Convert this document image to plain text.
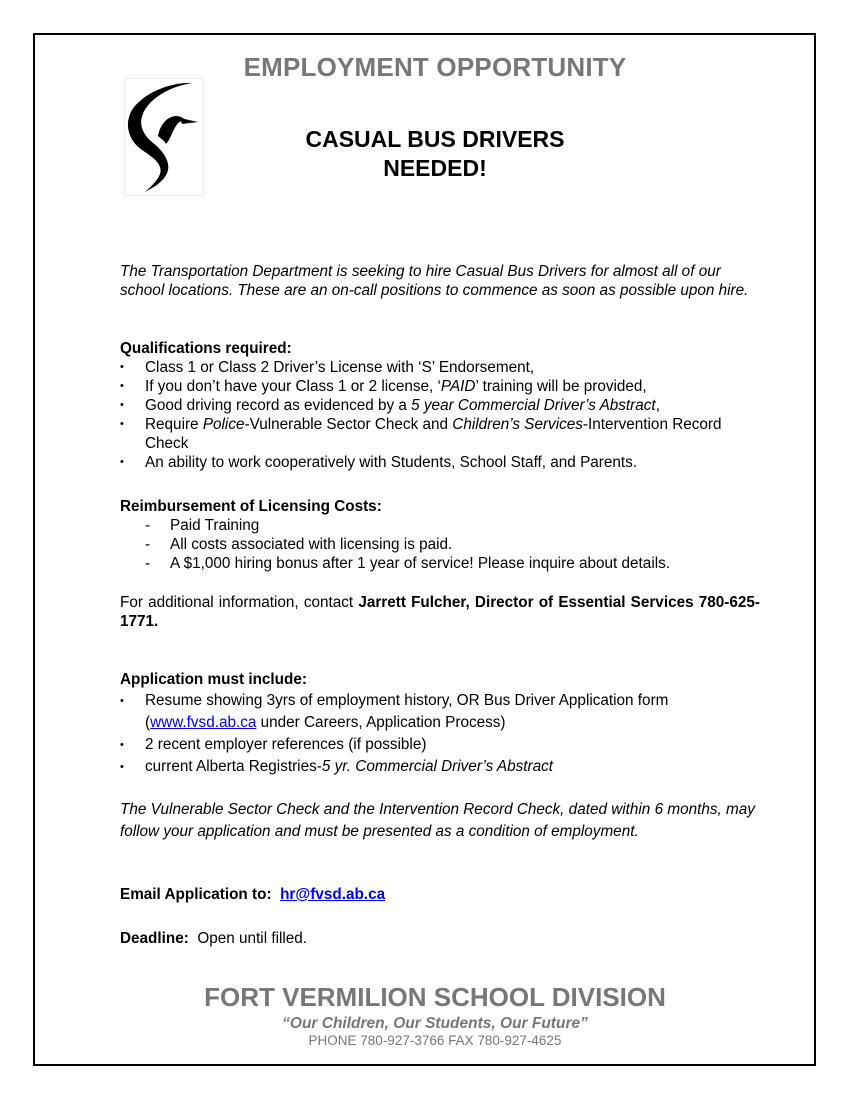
EMPLOYMENT OPPORTUNITY
CASUAL BUS DRIVERS
NEEDED!
The Transportation Department is seeking to hire Casual Bus Drivers for almost all of our school locations. These are an on-call positions to commence as soon as possible upon hire.
Qualifications required:
• Class 1 or Class 2 Driver’s License with ‘S’ Endorsement,
• If you don’t have your Class 1 or 2 license, ‘PAID’ training will be provided,
• Good driving record as evidenced by a 5 year Commercial Driver’s Abstract,
• Require Police-Vulnerable Sector Check and Children’s Services-Intervention Record Check
• An ability to work cooperatively with Students, School Staff, and Parents.
Reimbursement of Licensing Costs:
- Paid Training
- All costs associated with licensing is paid.
- A $1,000 hiring bonus after 1 year of service! Please inquire about details.
For additional information, contact Jarrett Fulcher, Director of Essential Services 780-625-1771.
Application must include:
• Resume showing 3yrs of employment history, OR Bus Driver Application form (www.fvsd.ab.ca under Careers, Application Process)
• 2 recent employer references (if possible)
• current Alberta Registries-5 yr. Commercial Driver’s Abstract
The Vulnerable Sector Check and the Intervention Record Check, dated within 6 months, may follow your application and must be presented as a condition of employment.
Email Application to: hr@fvsd.ab.ca
Deadline: Open until filled.
FORT VERMILION SCHOOL DIVISION
“Our Children, Our Students, Our Future”
PHONE 780-927-3766 FAX 780-927-4625
